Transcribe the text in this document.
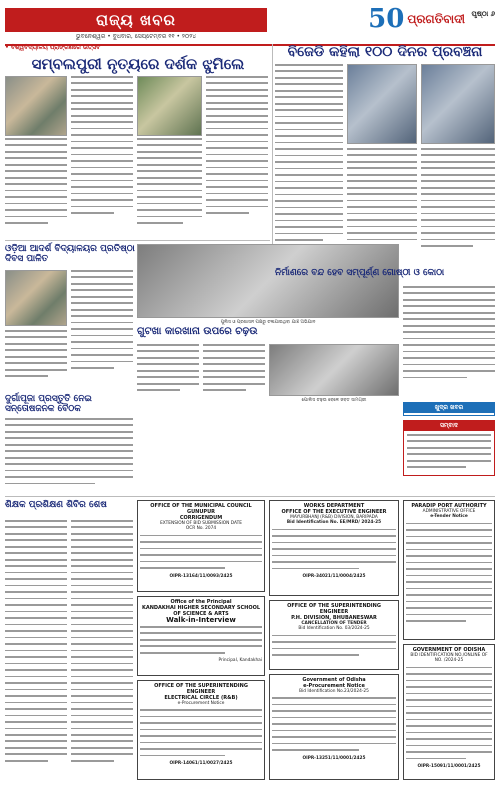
ରାଜ୍ୟ ଖବର
ଭୁବନେଶ୍ୱର • ବୁଧବାର, ସେପ୍ଟେମ୍ବର ୧୧ • ୨୦୨୪
50 ପ୍ରଗତିବାଦୀ ପୃଷ୍ଠା ୬
• ବିଶ୍ୱବିଦ୍ୟାଳୟ ପ୍ରାଙ୍ଗଣରେ ଉତ୍ସବ
ସମ୍ବଲପୁରୀ ନୃତ୍ୟରେ ଦର୍ଶକ ଝୁମିଲେ
ବିଜେଡି କହିଲା ୧୦୦ ଦିନର ପ୍ରବଞ୍ଚନା
ଓଡ଼ିଆ ଆଦର୍ଶ ବିଦ୍ୟାଳୟର ପ୍ରତିଷ୍ଠା ଦିବସ ପାଳିତ
ପୁଲିସ ଓ ପ୍ରଶାସନ ପକ୍ଷରୁ ଚଳାଯାଇଥିବା ଯାଞ୍ଚ ଅଭିଯାନ
ଗୁଟଖା କାରଖାନା ଉପରେ ଚଢ଼ଉ
ପୋଲିସ ଚଢ଼ଉ ବେଳେ ଜବତ ସାମଗ୍ରୀ
ଦୁର୍ଗାପୂଜା ପ୍ରସ୍ତୁତି ନେଇ ସନ୍ତୋଷଜନକ ବୈଠକ
ନିର୍ମାଣରେ ବନ୍ଦ ହେବ ସମ୍ପୂର୍ଣ୍ଣ ଗୋଷ୍ଠୀ ଓ କୋଠା
ଖୁଦ୍ର ଖବର
ସମ୍ବାଦ
ଶିକ୍ଷକ ପ୍ରଶିକ୍ଷଣ ଶିବିର ଶେଷ	OFFICE OF THE MUNICIPAL COUNCIL
GUNUPUR
CORRIGENDUM
EXTENSION OF BID SUBMISSION DATE
OCR No. 2074
OIPR-13164/11/0093/2425
Office of the Principal
KANDAKHAI HIGHER SECONDARY SCHOOL OF SCIENCE & ARTS
Walk-in-Interview
Principal, Kandakhai
OFFICE OF THE SUPERINTENDING ENGINEER
ELECTRICAL CIRCLE (R&B)
e-Procurement Notice
OIPR-14061/11/0027/2425
WORKS DEPARTMENT
OFFICE OF THE EXECUTIVE ENGINEER
MAYURBHANJ (R&B) DIVISION, BARIPADA
Bid Identification No. EE/MRD/ 2024-25
OIPR-34021/11/0004/2425
OFFICE OF THE SUPERINTENDING ENGINEER
P.H. DIVISION, BHUBANESWAR
CANCELLATION OF TENDER
Bid Identification No. 03/2024-25
Government of Odisha
e-Procurement Notice
Bid Identification No.23/2024-25
OIPR-13251/11/0001/2425
PARADIP PORT AUTHORITY
ADMINISTRATIVE OFFICE
e-Tender Notice
GOVERNMENT OF ODISHA
BID IDENTIFICATION NO./ONLINE OF NO. /2024-25
OIPR-15091/11/0001/2425
